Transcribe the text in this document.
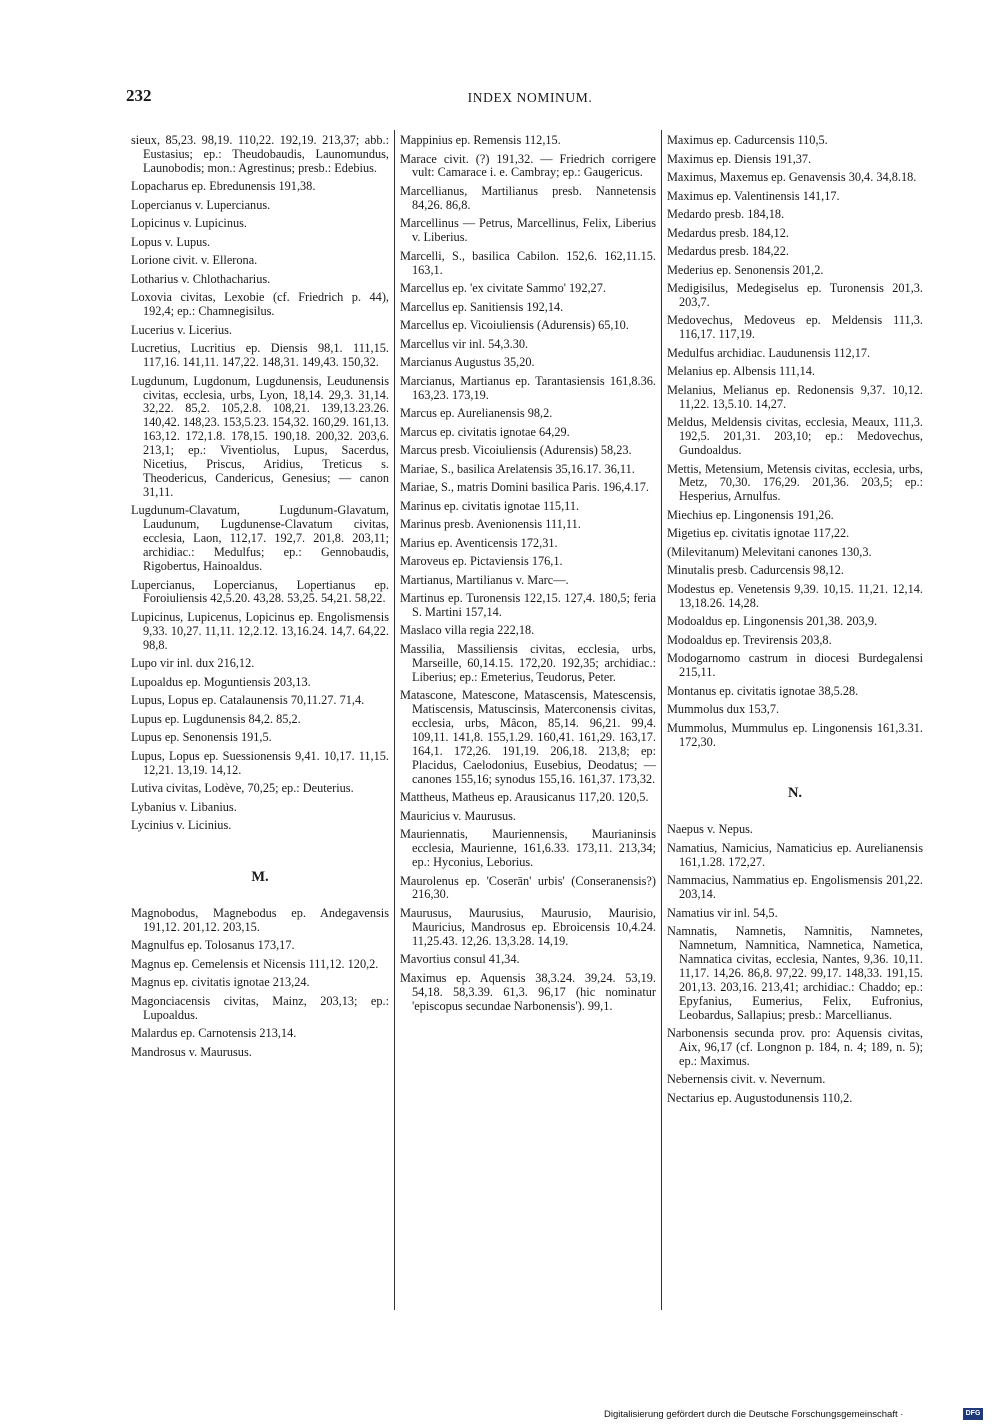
232	INDEX NOMINUM.

sieux, 85,23. 98,19. 110,22. 192,19. 213,37; abb.: Eustasius; ep.: Theudobaudis, Launomundus, Launobodis; mon.: Agrestinus; presb.: Edebius.

Lopacharus ep. Ebredunensis 191,38.

Lopercianus v. Lupercianus.

Lopicinus v. Lupicinus.

Lopus v. Lupus.

Lorione civit. v. Ellerona.

Lotharius v. Chlothacharius.

Loxovia civitas, Lexobie (cf. Friedrich p. 44), 192,4; ep.: Chamnegisilus.

Lucerius v. Licerius.

Lucretius, Lucritius ep. Diensis 98,1. 111,15. 117,16. 141,11. 147,22. 148,31. 149,43. 150,32.

Lugdunum, Lugdonum, Lugdunensis, Leudunensis civitas, ecclesia, urbs, Lyon, 18,14. 29,3. 31,14. 32,22. 85,2. 105,2.8. 108,21. 139,13.23.26. 140,42. 148,23. 153,5.23. 154,32. 160,29. 161,13. 163,12. 172,1.8. 178,15. 190,18. 200,32. 203,6. 213,1; ep.: Viventiolus, Lupus, Sacerdus, Nicetius, Priscus, Aridius, Treticus s. Theodericus, Candericus, Genesius; — canon 31,11.

Lugdunum-Clavatum, Lugdunum-Glavatum, Laudunum, Lugdunense-Clavatum civitas, ecclesia, Laon, 112,17. 192,7. 201,8. 203,11; archidiac.: Medulfus; ep.: Gennobaudis, Rigobertus, Hainoaldus.

Lupercianus, Lopercianus, Lopertianus ep. Foroiuliensis 42,5.20. 43,28. 53,25. 54,21. 58,22.

Lupicinus, Lupicenus, Lopicinus ep. Engolismensis 9,33. 10,27. 11,11. 12,2.12. 13,16.24. 14,7. 64,22. 98,8.

Lupo vir inl. dux 216,12.

Lupoaldus ep. Moguntiensis 203,13.

Lupus, Lopus ep. Catalaunensis 70,11.27. 71,4.

Lupus ep. Lugdunensis 84,2. 85,2.

Lupus ep. Senonensis 191,5.

Lupus, Lopus ep. Suessionensis 9,41. 10,17. 11,15. 12,21. 13,19. 14,12.

Lutiva civitas, Lodève, 70,25; ep.: Deuterius.

Lybanius v. Libanius.

Lycinius v. Licinius.

M.

Magnobodus, Magnebodus ep. Andegavensis 191,12. 201,12. 203,15.

Magnulfus ep. Tolosanus 173,17.

Magnus ep. Cemelensis et Nicensis 111,12. 120,2.

Magnus ep. civitatis ignotae 213,24.

Magonciacensis civitas, Mainz, 203,13; ep.: Lupoaldus.

Malardus ep. Carnotensis 213,14.

Mandrosus v. Maurusus.

Mappinius ep. Remensis 112,15.

Marace civit. (?) 191,32. — Friedrich corrigere vult: Camarace i. e. Cambray; ep.: Gaugericus.

Marcellianus, Martilianus presb. Nannetensis 84,26. 86,8.

Marcellinus — Petrus, Marcellinus, Felix, Liberius v. Liberius.

Marcelli, S., basilica Cabilon. 152,6. 162,11.15. 163,1.

Marcellus ep. 'ex civitate Sammo' 192,27.

Marcellus ep. Sanitiensis 192,14.

Marcellus ep. Vicoiuliensis (Adurensis) 65,10.

Marcellus vir inl. 54,3.30.

Marcianus Augustus 35,20.

Marcianus, Martianus ep. Tarantasiensis 161,8.36. 163,23. 173,19.

Marcus ep. Aurelianensis 98,2.

Marcus ep. civitatis ignotae 64,29.

Marcus presb. Vicoiuliensis (Adurensis) 58,23.

Mariae, S., basilica Arelatensis 35,16.17. 36,11.

Mariae, S., matris Domini basilica Paris. 196,4.17.

Marinus ep. civitatis ignotae 115,11.

Marinus presb. Avenionensis 111,11.

Marius ep. Aventicensis 172,31.

Maroveus ep. Pictaviensis 176,1.

Martianus, Martilianus v. Marc—.

Martinus ep. Turonensis 122,15. 127,4. 180,5; feria S. Martini 157,14.

Maslaco villa regia 222,18.

Massilia, Massiliensis civitas, ecclesia, urbs, Marseille, 60,14.15. 172,20. 192,35; archidiac.: Liberius; ep.: Emeterius, Teudorus, Peter.

Matascone, Matescone, Matascensis, Matescensis, Matiscensis, Matuscinsis, Materconensis civitas, ecclesia, urbs, Mâcon, 85,14. 96,21. 99,4. 109,11. 141,8. 155,1.29. 160,41. 161,29. 163,17. 164,1. 172,26. 191,19. 206,18. 213,8; ep: Placidus, Caelodonius, Eusebius, Deodatus; — canones 155,16; synodus 155,16. 161,37. 173,32.

Mattheus, Matheus ep. Arausicanus 117,20. 120,5.

Mauricius v. Maurusus.

Mauriennatis, Mauriennensis, Maurianinsis ecclesia, Maurienne, 161,6.33. 173,11. 213,34; ep.: Hyconius, Leborius.

Maurolenus ep. 'Coserān' urbis' (Conseranensis?) 216,30.

Maurusus, Maurusius, Maurusio, Maurisio, Mauricius, Mandrosus ep. Ebroicensis 10,4.24. 11,25.43. 12,26. 13,3.28. 14,19.

Mavortius consul 41,34.

Maximus ep. Aquensis 38,3.24. 39,24. 53,19. 54,18. 58,3.39. 61,3. 96,17 (hic nominatur 'episcopus secundae Narbonensis'). 99,1.

Maximus ep. Cadurcensis 110,5.

Maximus ep. Diensis 191,37.

Maximus, Maxemus ep. Genavensis 30,4. 34,8.18.

Maximus ep. Valentinensis 141,17.

Medardo presb. 184,18.

Medardus presb. 184,12.

Medardus presb. 184,22.

Mederius ep. Senonensis 201,2.

Medigisilus, Medegiselus ep. Turonensis 201,3. 203,7.

Medovechus, Medoveus ep. Meldensis 111,3. 116,17. 117,19.

Medulfus archidiac. Laudunensis 112,17.

Melanius ep. Albensis 111,14.

Melanius, Melianus ep. Redonensis 9,37. 10,12. 11,22. 13,5.10. 14,27.

Meldus, Meldensis civitas, ecclesia, Meaux, 111,3. 192,5. 201,31. 203,10; ep.: Medovechus, Gundoaldus.

Mettis, Metensium, Metensis civitas, ecclesia, urbs, Metz, 70,30. 176,29. 201,36. 203,5; ep.: Hesperius, Arnulfus.

Miechius ep. Lingonensis 191,26.

Migetius ep. civitatis ignotae 117,22.

(Milevitanum) Melevitani canones 130,3.

Minutalis presb. Cadurcensis 98,12.

Modestus ep. Venetensis 9,39. 10,15. 11,21. 12,14. 13,18.26. 14,28.

Modoaldus ep. Lingonensis 201,38. 203,9.

Modoaldus ep. Trevirensis 203,8.

Modogarnomo castrum in diocesi Burdegalensi 215,11.

Montanus ep. civitatis ignotae 38,5.28.

Mummolus dux 153,7.

Mummolus, Mummulus ep. Lingonensis 161,3.31. 172,30.

N.

Naepus v. Nepus.

Namatius, Namicius, Namaticius ep. Aurelianensis 161,1.28. 172,27.

Nammacius, Nammatius ep. Engolismensis 201,22. 203,14.

Namatius vir inl. 54,5.

Namnatis, Namnetis, Namnitis, Namnetes, Namnetum, Namnitica, Namnetica, Nametica, Namnatica civitas, ecclesia, Nantes, 9,36. 10,11. 11,17. 14,26. 86,8. 97,22. 99,17. 148,33. 191,15. 201,13. 203,16. 213,41; archidiac.: Chaddo; ep.: Epyfanius, Eumerius, Felix, Eufronius, Leobardus, Sallapius; presb.: Marcellianus.

Narbonensis secunda prov. pro: Aquensis civitas, Aix, 96,17 (cf. Longnon p. 184, n. 4; 189, n. 5); ep.: Maximus.

Nebernensis civit. v. Nevernum.

Nectarius ep. Augustodunensis 110,2.

Digitalisierung gefördert durch die Deutsche Forschungsgemeinschaft ·	DFG
